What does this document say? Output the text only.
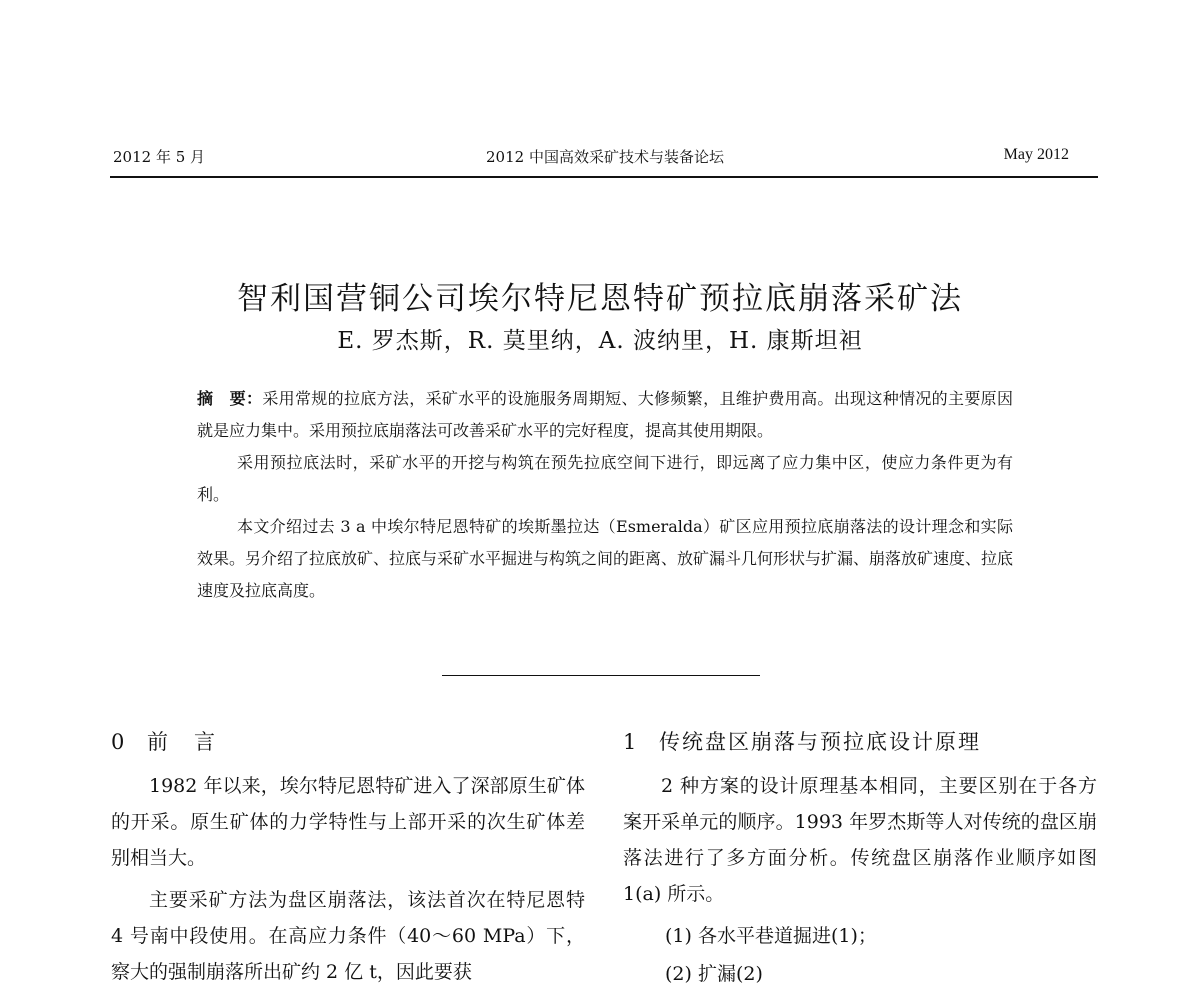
2012 年 5 月	2012 中国高效采矿技术与装备论坛	May 2012
智利国营铜公司埃尔特尼恩特矿预拉底崩落采矿法
E. 罗杰斯，R. 莫里纳，A. 波纳里，H. 康斯坦袒

摘　要：采用常规的拉底方法，采矿水平的设施服务周期短、大修频繁，且维护费用高。出现这种情况的主要原因就是应力集中。采用预拉底崩落法可改善采矿水平的完好程度，提高其使用期限。

采用预拉底法时，采矿水平的开挖与构筑在预先拉底空间下进行，即远离了应力集中区，使应力条件更为有利。

本文介绍过去 3 a 中埃尔特尼恩特矿的埃斯墨拉达（Esmeralda）矿区应用预拉底崩落法的设计理念和实际效果。另介绍了拉底放矿、拉底与采矿水平掘进与构筑之间的距离、放矿漏斗几何形状与扩漏、崩落放矿速度、拉底速度及拉底高度。

0 前 言

1982 年以来，埃尔特尼恩特矿进入了深部原生矿体的开采。原生矿体的力学特性与上部开采的次生矿体差别相当大。

主要采矿方法为盘区崩落法，该法首次在特尼恩特 4 号南中段使用。在高应力条件（40～60 MPa）下，察大的强制崩落所出矿约 2 亿 t，因此要获

1 传统盘区崩落与预拉底设计原理

2 种方案的设计原理基本相同，主要区别在于各方案开采单元的顺序。1993 年罗杰斯等人对传统的盘区崩落法进行了多方面分析。传统盘区崩落作业顺序如图 1(a) 所示。

(1) 各水平巷道掘进(1)；

(2) 扩漏(2)
